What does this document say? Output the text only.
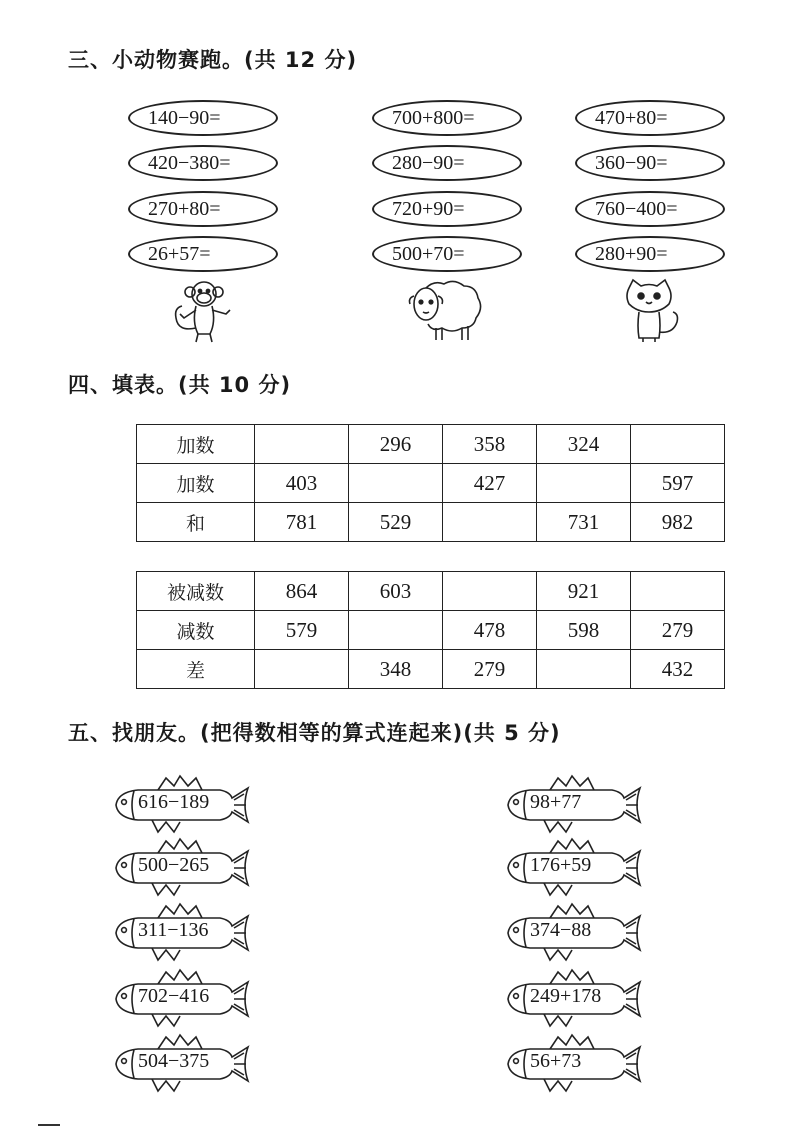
三、小动物赛跑。(共 12 分)
140−90=
420−380=
270+80=
26+57=
700+800=
280−90=
720+90=
500+70=
470+80=
360−90=
760−400=
280+90=
四、填表。(共 10 分)
加数		296	358	324	
加数	403		427		597
和	781	529		731	982
被减数	864	603		921	
减数	579		478	598	279
差		348	279		432
五、找朋友。(把得数相等的算式连起来)(共 5 分)
616−189
500−265
311−136
702−416
504−375
98+77
176+59
374−88
249+178
56+73
